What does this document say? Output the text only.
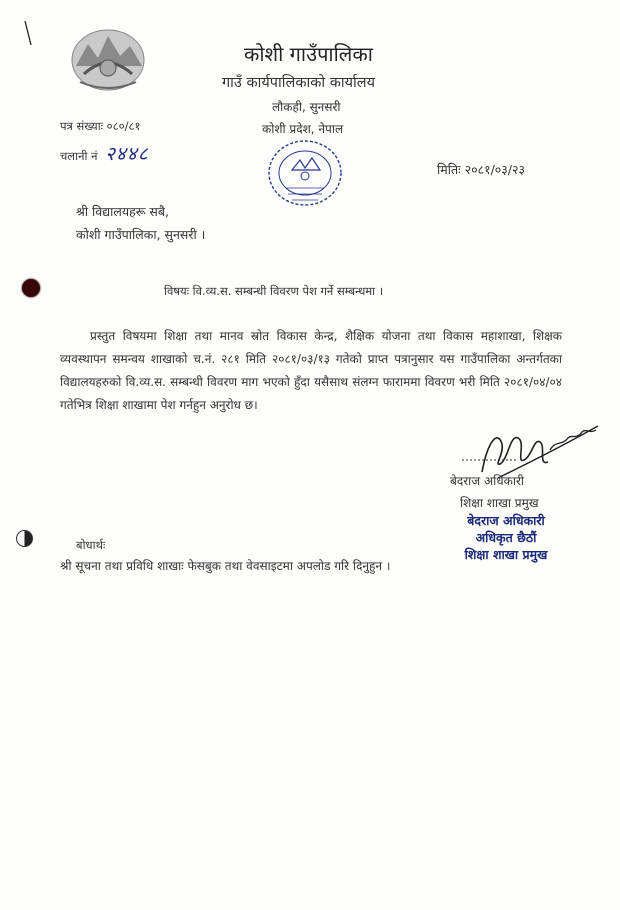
कोशी गाउँपालिका
गाउँ कार्यपालिकाको कार्यालय
लौकही, सुनसरी
कोशी प्रदेश, नेपाल
पत्र संख्याः ०८०/८१
चलानी नं २४४८
मितिः २०८१/०३/२३
श्री विद्यालयहरू सबै,
कोशी गाउँपालिका, सुनसरी ।
विषयः वि.व्य.स. सम्बन्धी विवरण पेश गर्ने सम्बन्धमा ।
प्रस्तुत विषयमा शिक्षा तथा मानव स्रोत विकास केन्द्र, शैक्षिक योजना तथा विकास महाशाखा, शिक्षक व्यवस्थापन समन्वय शाखाको च.नं. २८१ मिति २०८१/०३/१३ गतेको प्राप्त पत्रानुसार यस गाउँपालिका अन्तर्गतका विद्यालयहरुको वि.व्य.स. सम्बन्धी विवरण माग भएको हुँदा यसैसाथ संलग्न फाराममा विवरण भरी मिति २०८१/०४/०४ गतेभित्र शिक्षा शाखामा पेश गर्नहुन अनुरोध छ।
बेदराज अधिकारी
शिक्षा शाखा प्रमुख
बेदराज अधिकारी
अधिकृत छैठौं
शिक्षा शाखा प्रमुख
बोधार्थः
श्री सूचना तथा प्रविधि शाखाः फेसबुक तथा वेवसाइटमा अपलोड गरि दिनुहुन ।
